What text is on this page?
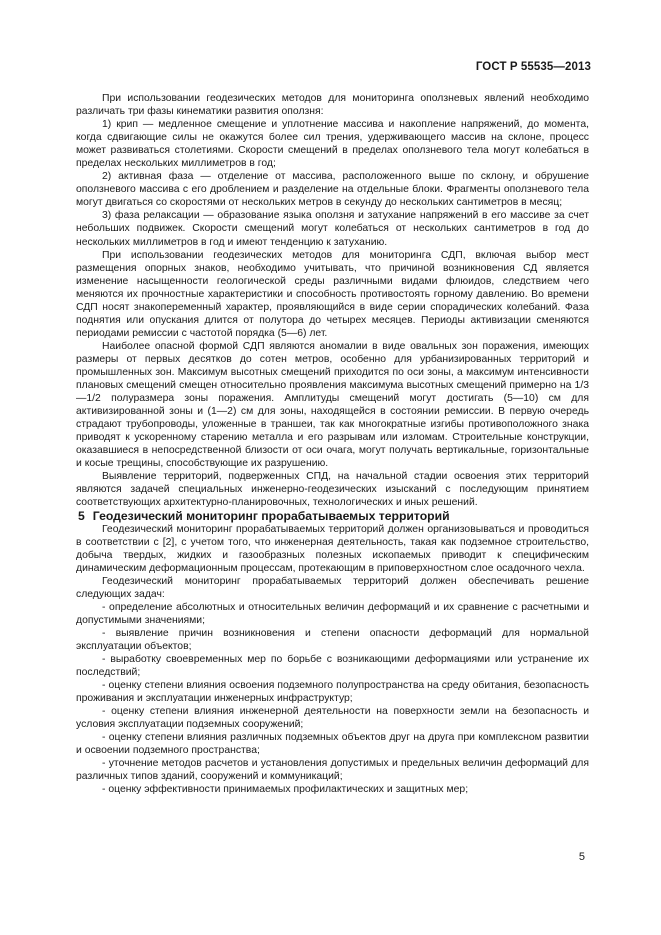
ГОСТ Р 55535—2013

При использовании геодезических методов для мониторинга оползневых явлений необходимо различать три фазы кинематики развития оползня:

1) крип — медленное смещение и уплотнение массива и накопление напряжений, до момента, когда сдвигающие силы не окажутся более сил трения, удерживающего массив на склоне, процесс может развиваться столетиями. Скорости смещений в пределах оползневого тела могут колебаться в пределах нескольких миллиметров в год;

2) активная фаза — отделение от массива, расположенного выше по склону, и обрушение оползневого массива с его дроблением и разделение на отдельные блоки. Фрагменты оползневого тела могут двигаться со скоростями от нескольких метров в секунду до нескольких сантиметров в месяц;

3) фаза релаксации — образование языка оползня и затухание напряжений в его массиве за счет небольших подвижек. Скорости смещений могут колебаться от нескольких сантиметров в год до нескольких миллиметров в год и имеют тенденцию к затуханию.

При использовании геодезических методов для мониторинга СДП, включая выбор мест размещения опорных знаков, необходимо учитывать, что причиной возникновения СД является изменение насыщенности геологической среды различными видами флюидов, следствием чего меняются их прочностные характеристики и способность противостоять горному давлению. Во времени СДП носят знакопеременный характер, проявляющийся в виде серии спорадических колебаний. Фаза поднятия или опускания длится от полутора до четырех месяцев. Периоды активизации сменяются периодами ремиссии с частотой порядка (5—6) лет.

Наиболее опасной формой СДП являются аномалии в виде овальных зон поражения, имеющих размеры от первых десятков до сотен метров, особенно для урбанизированных территорий и промышленных зон. Максимум высотных смещений приходится по оси зоны, а максимум интенсивности плановых смещений смещен относительно проявления максимума высотных смещений примерно на 1/3—1/2 полуразмера зоны поражения. Амплитуды смещений могут достигать (5—10) см для активизированной зоны и (1—2) см для зоны, находящейся в состоянии ремиссии. В первую очередь страдают трубопроводы, уложенные в траншеи, так как многократные изгибы противоположного знака приводят к ускоренному старению металла и его разрывам или изломам. Строительные конструкции, оказавшиеся в непосредственной близости от оси очага, могут получать вертикальные, горизонтальные и косые трещины, способствующие их разрушению.

Выявление территорий, подверженных СПД, на начальной стадии освоения этих территорий являются задачей специальных инженерно-геодезических изысканий с последующим принятием соответствующих архитектурно-планировочных, технологических и иных решений.

5 Геодезический мониторинг прорабатываемых территорий

Геодезический мониторинг прорабатываемых территорий должен организовываться и проводиться в соответствии с [2], с учетом того, что инженерная деятельность, такая как подземное строительство, добыча твердых, жидких и газообразных полезных ископаемых приводит к специфическим динамическим деформационным процессам, протекающим в приповерхностном слое осадочного чехла.

Геодезический мониторинг прорабатываемых территорий должен обеспечивать решение следующих задач:

- определение абсолютных и относительных величин деформаций и их сравнение с расчетными и допустимыми значениями;

- выявление причин возникновения и степени опасности деформаций для нормальной эксплуатации объектов;

- выработку своевременных мер по борьбе с возникающими деформациями или устранение их последствий;

- оценку степени влияния освоения подземного полупространства на среду обитания, безопасность проживания и эксплуатации инженерных инфраструктур;

- оценку степени влияния инженерной деятельности на поверхности земли на безопасность и условия эксплуатации подземных сооружений;

- оценку степени влияния различных подземных объектов друг на друга при комплексном развитии и освоении подземного пространства;

- уточнение методов расчетов и установления допустимых и предельных величин деформаций для различных типов зданий, сооружений и коммуникаций;

- оценку эффективности принимаемых профилактических и защитных мер;

5
